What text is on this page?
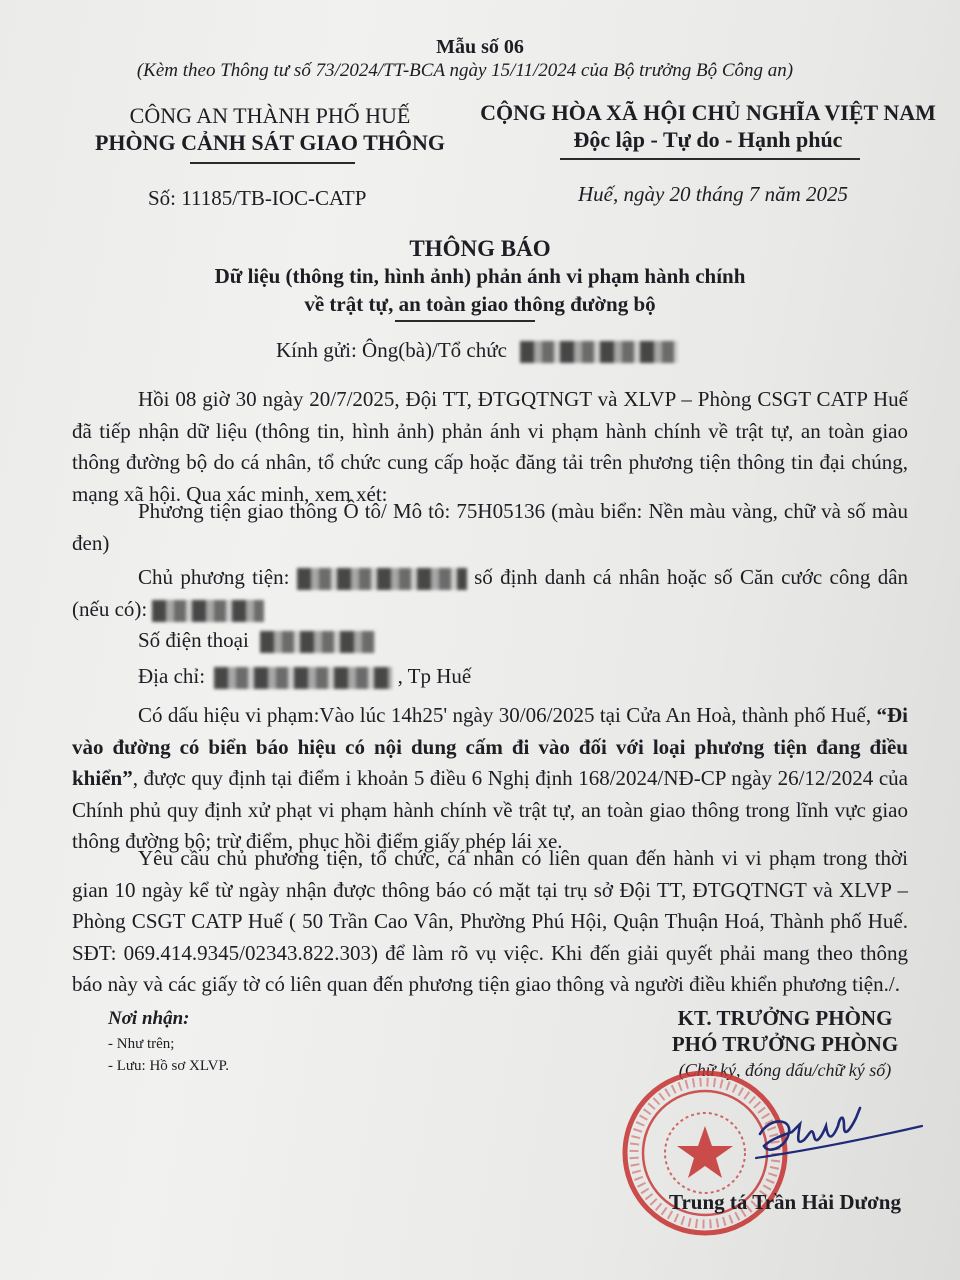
Mẫu số 06
(Kèm theo Thông tư số 73/2024/TT-BCA ngày 15/11/2024 của Bộ trưởng Bộ Công an)
CÔNG AN THÀNH PHỐ HUẾ
PHÒNG CẢNH SÁT GIAO THÔNG
CỘNG HÒA XÃ HỘI CHỦ NGHĨA VIỆT NAM
Độc lập - Tự do - Hạnh phúc
Số: 11185/TB-IOC-CATP	Huế, ngày 20 tháng 7 năm 2025
THÔNG BÁO
Dữ liệu (thông tin, hình ảnh) phản ánh vi phạm hành chính
về trật tự, an toàn giao thông đường bộ
Kính gửi: Ông(bà)/Tổ chức
Hồi 08 giờ 30 ngày 20/7/2025, Đội TT, ĐTGQTNGT và XLVP – Phòng CSGT CATP Huế đã tiếp nhận dữ liệu (thông tin, hình ảnh) phản ánh vi phạm hành chính về trật tự, an toàn giao thông đường bộ do cá nhân, tổ chức cung cấp hoặc đăng tải trên phương tiện thông tin đại chúng, mạng xã hội. Qua xác minh, xem xét:
Phương tiện giao thông Ô tô/ Mô tô: 75H05136 (màu biển: Nền màu vàng, chữ và số màu đen)
Chủ phương tiện:	số định danh cá nhân hoặc số Căn cước công dân (nếu có):
Số điện thoại
Địa chỉ:	, Tp Huế
Có dấu hiệu vi phạm:Vào lúc 14h25' ngày 30/06/2025 tại Cửa An Hoà, thành phố Huế, “Đi vào đường có biển báo hiệu có nội dung cấm đi vào đối với loại phương tiện đang điều khiển”, được quy định tại điểm i khoản 5 điều 6 Nghị định 168/2024/NĐ-CP ngày 26/12/2024 của Chính phủ quy định xử phạt vi phạm hành chính về trật tự, an toàn giao thông trong lĩnh vực giao thông đường bộ; trừ điểm, phục hồi điểm giấy phép lái xe.
Yêu cầu chủ phương tiện, tổ chức, cá nhân có liên quan đến hành vi vi phạm trong thời gian 10 ngày kể từ ngày nhận được thông báo có mặt tại trụ sở Đội TT, ĐTGQTNGT và XLVP – Phòng CSGT CATP Huế ( 50 Trần Cao Vân, Phường Phú Hội, Quận Thuận Hoá, Thành phố Huế. SĐT: 069.414.9345/02343.822.303) để làm rõ vụ việc. Khi đến giải quyết phải mang theo thông báo này và các giấy tờ có liên quan đến phương tiện giao thông và người điều khiển phương tiện./.
Nơi nhận:
- Như trên;
- Lưu: Hồ sơ XLVP.
KT. TRƯỞNG PHÒNG
PHÓ TRƯỞNG PHÒNG
(Chữ ký, đóng dấu/chữ ký số)
Trung tá Trần Hải Dương
